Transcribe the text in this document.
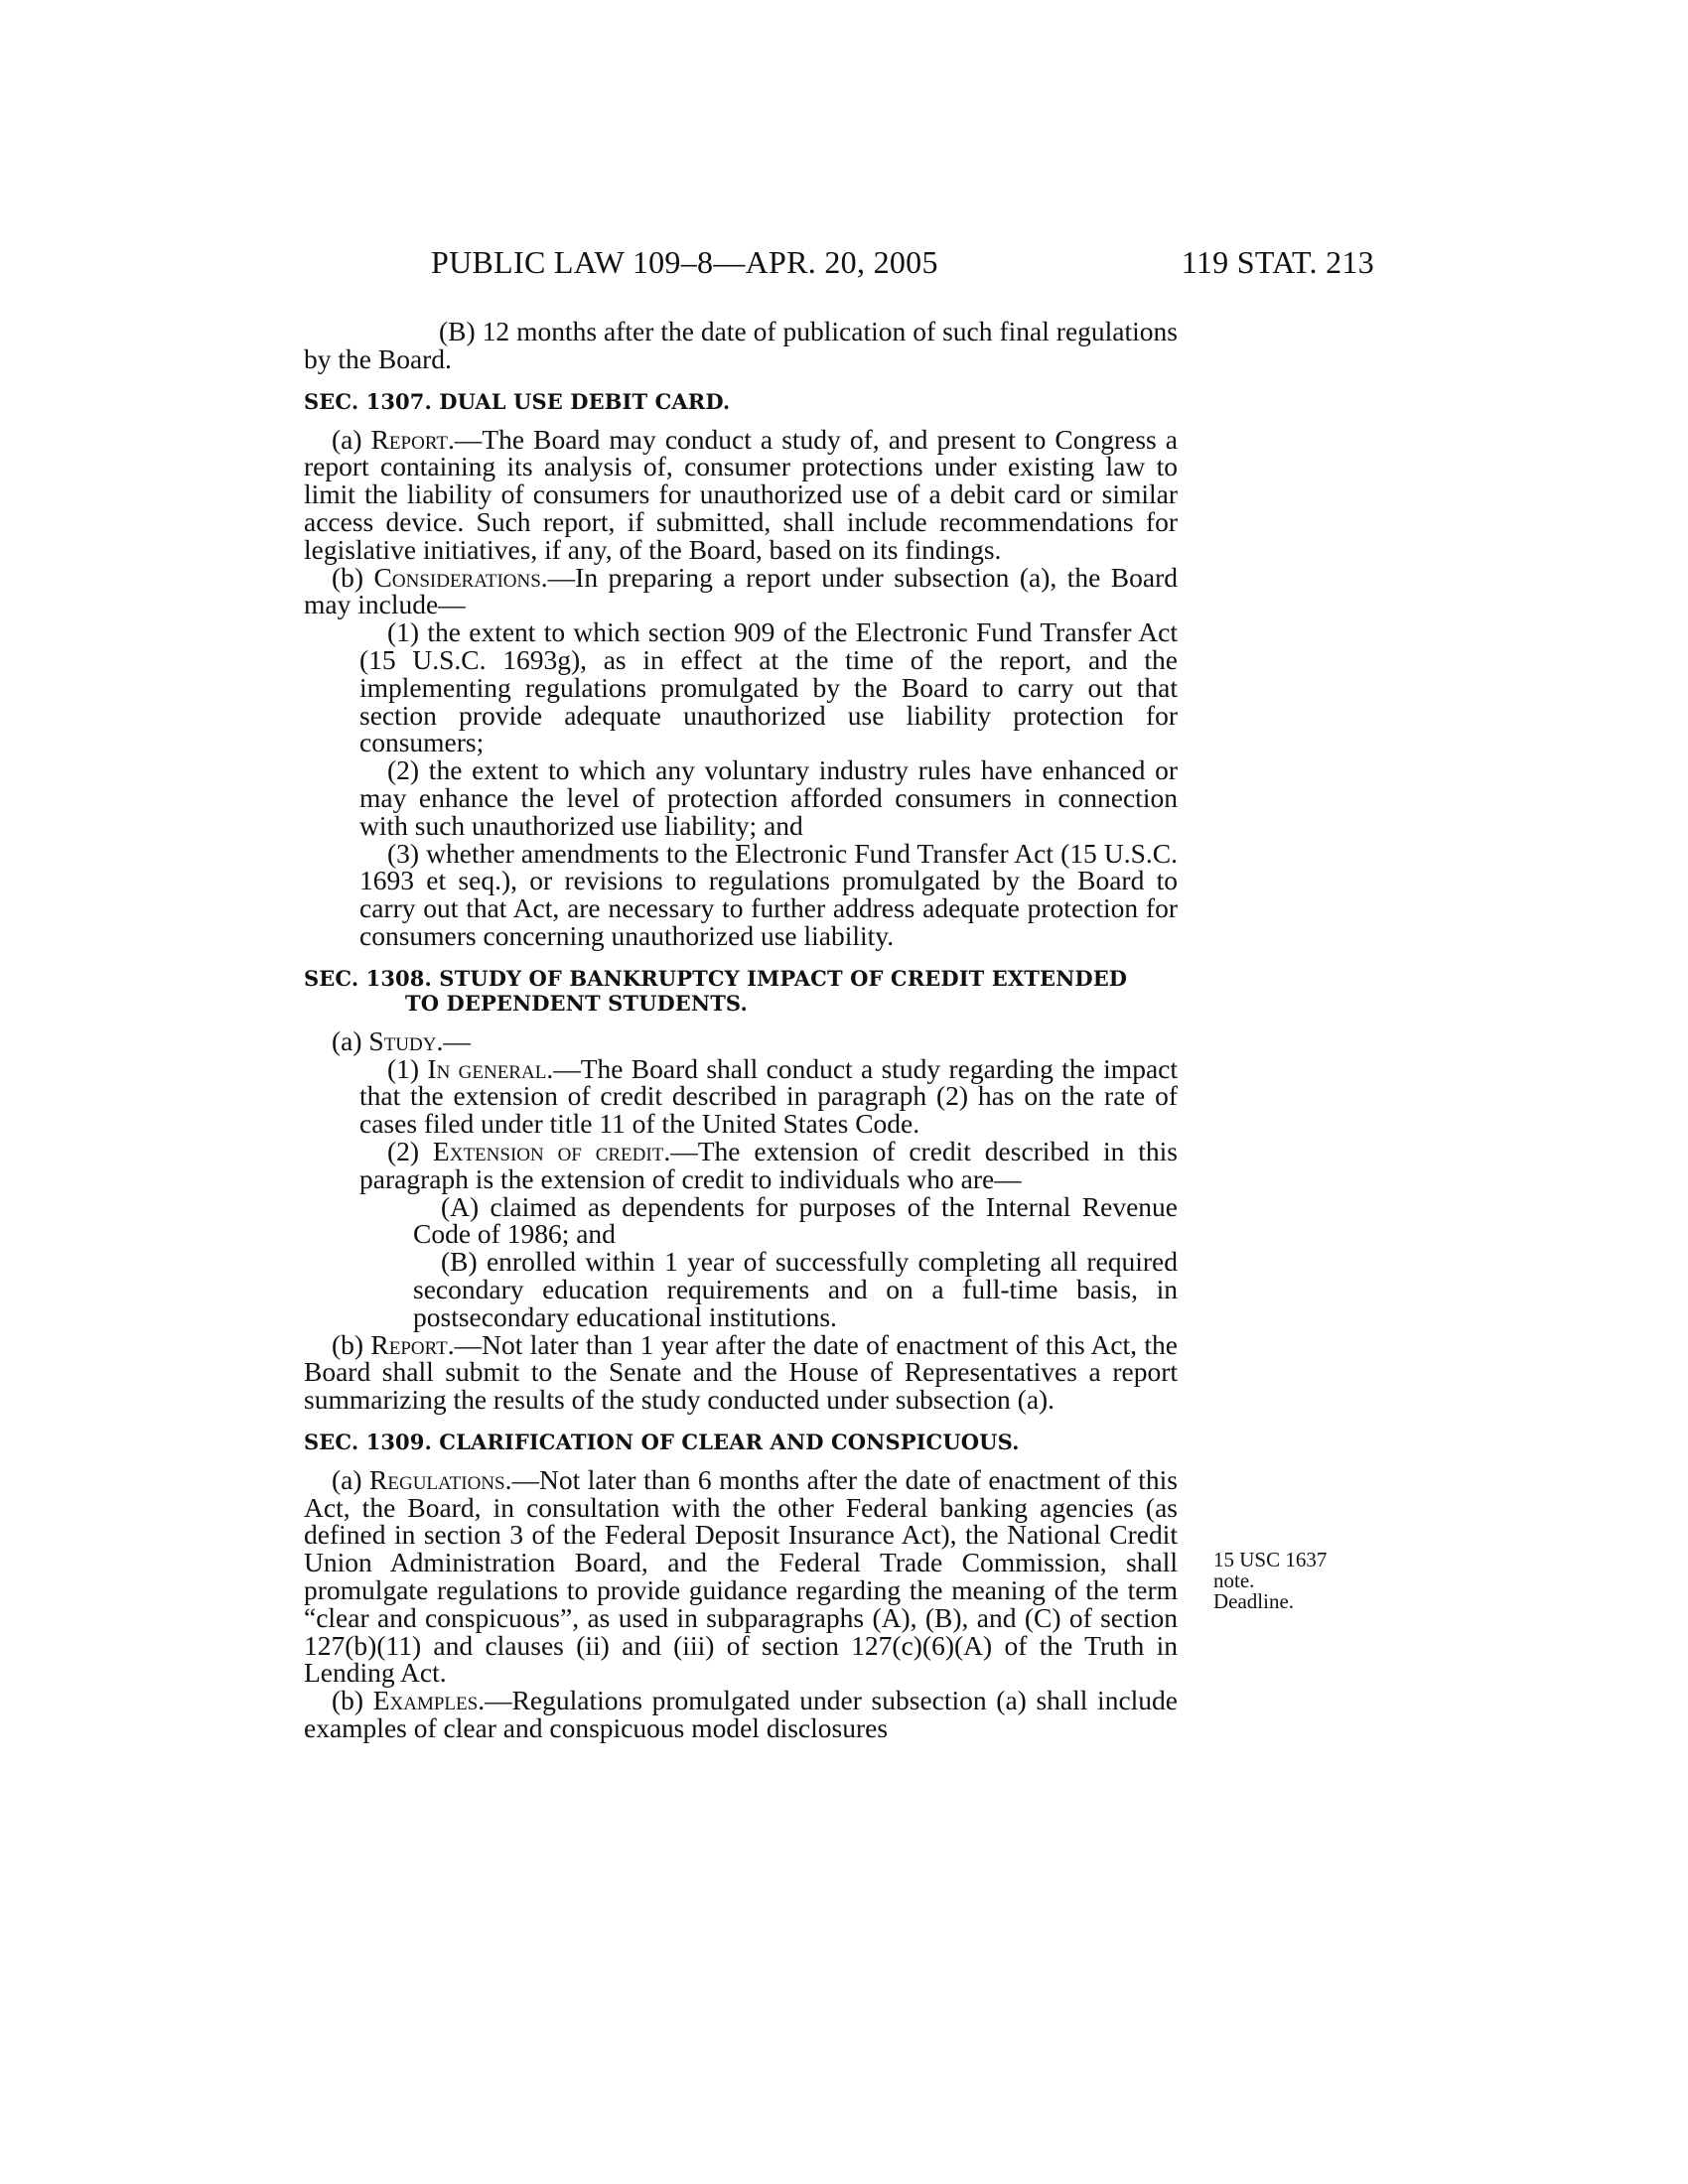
PUBLIC LAW 109–8—APR. 20, 2005	119 STAT. 213

(B) 12 months after the date of publication of such final regulations by the Board.

SEC. 1307. DUAL USE DEBIT CARD.

(a) Report.—The Board may conduct a study of, and present to Congress a report containing its analysis of, consumer protections under existing law to limit the liability of consumers for unauthorized use of a debit card or similar access device. Such report, if submitted, shall include recommendations for legislative initiatives, if any, of the Board, based on its findings.

(b) Considerations.—In preparing a report under subsection (a), the Board may include—

(1) the extent to which section 909 of the Electronic Fund Transfer Act (15 U.S.C. 1693g), as in effect at the time of the report, and the implementing regulations promulgated by the Board to carry out that section provide adequate unauthorized use liability protection for consumers;

(2) the extent to which any voluntary industry rules have enhanced or may enhance the level of protection afforded consumers in connection with such unauthorized use liability; and

(3) whether amendments to the Electronic Fund Transfer Act (15 U.S.C. 1693 et seq.), or revisions to regulations promulgated by the Board to carry out that Act, are necessary to further address adequate protection for consumers concerning unauthorized use liability.

SEC. 1308. STUDY OF BANKRUPTCY IMPACT OF CREDIT EXTENDED
TO DEPENDENT STUDENTS.

(a) Study.—

(1) In general.—The Board shall conduct a study regarding the impact that the extension of credit described in paragraph (2) has on the rate of cases filed under title 11 of the United States Code.

(2) Extension of credit.—The extension of credit described in this paragraph is the extension of credit to individuals who are—

(A) claimed as dependents for purposes of the Internal Revenue Code of 1986; and

(B) enrolled within 1 year of successfully completing all required secondary education requirements and on a full-time basis, in postsecondary educational institutions.

(b) Report.—Not later than 1 year after the date of enactment of this Act, the Board shall submit to the Senate and the House of Representatives a report summarizing the results of the study conducted under subsection (a).

SEC. 1309. CLARIFICATION OF CLEAR AND CONSPICUOUS.

(a) Regulations.—Not later than 6 months after the date of enactment of this Act, the Board, in consultation with the other Federal banking agencies (as defined in section 3 of the Federal Deposit Insurance Act), the National Credit Union Administration Board, and the Federal Trade Commission, shall promulgate regulations to provide guidance regarding the meaning of the term “clear and conspicuous”, as used in subparagraphs (A), (B), and (C) of section 127(b)(11) and clauses (ii) and (iii) of section 127(c)(6)(A) of the Truth in Lending Act.

(b) Examples.—Regulations promulgated under subsection (a) shall include examples of clear and conspicuous model disclosures

15 USC 1637
note.
Deadline.
